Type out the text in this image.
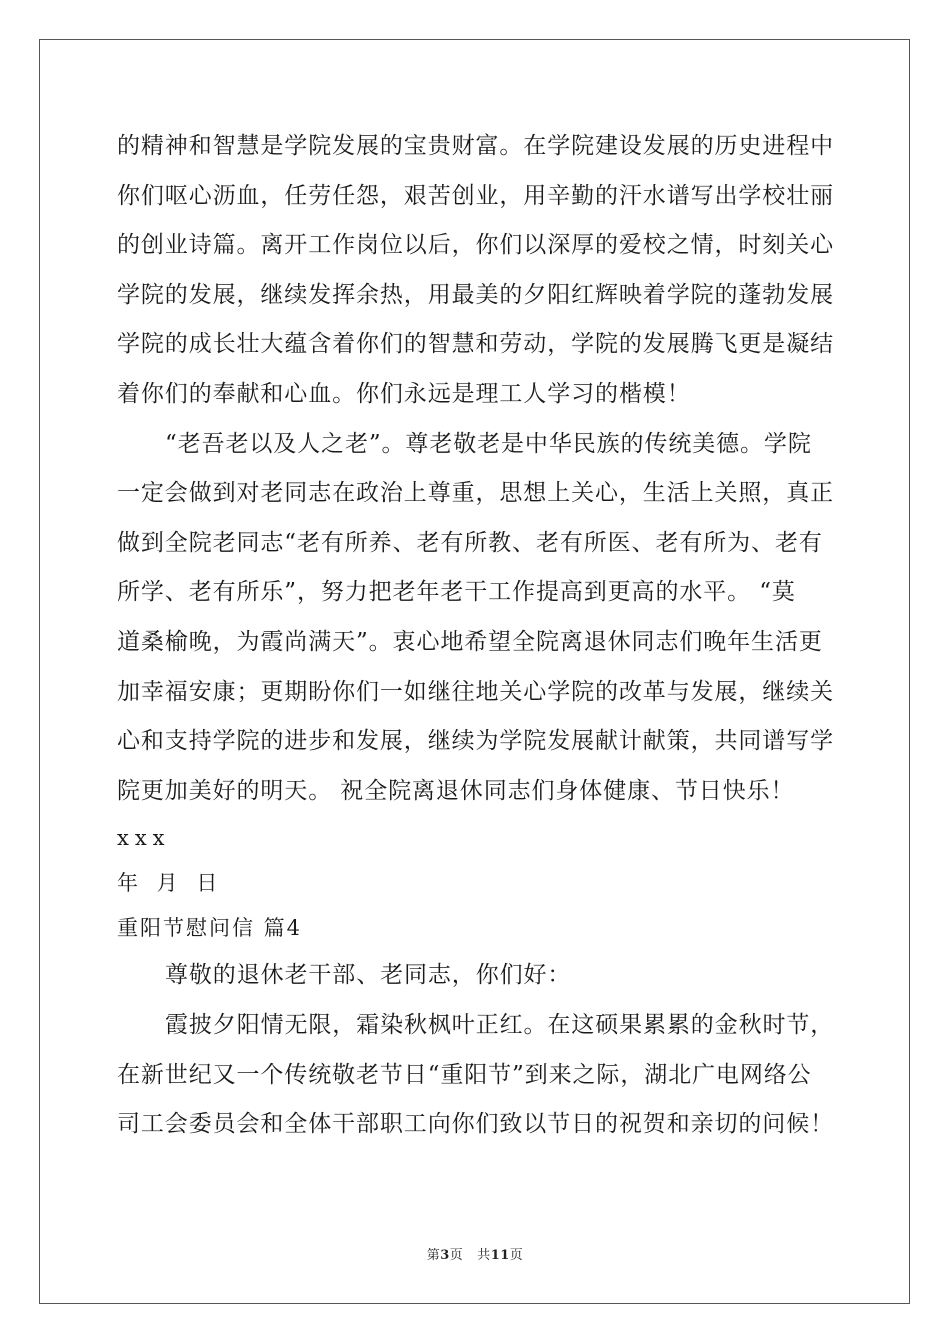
的精神和智慧是学院发展的宝贵财富。在学院建设发展的历史进程中
你们呕心沥血，任劳任怨，艰苦创业，用辛勤的汗水谱写出学校壮丽
的创业诗篇。离开工作岗位以后，你们以深厚的爱校之情，时刻关心
学院的发展，继续发挥余热，用最美的夕阳红辉映着学院的蓬勃发展
学院的成长壮大蕴含着你们的智慧和劳动，学院的发展腾飞更是凝结
着你们的奉献和心血。你们永远是理工人学习的楷模！
“老吾老以及人之老”。尊老敬老是中华民族的传统美德。学院
一定会做到对老同志在政治上尊重，思想上关心，生活上关照，真正
做到全院老同志“老有所养、老有所教、老有所医、老有所为、老有
所学、老有所乐”，努力把老年老干工作提高到更高的水平。 “莫
道桑榆晚，为霞尚满天”。衷心地希望全院离退休同志们晚年生活更
加幸福安康；更期盼你们一如继往地关心学院的改革与发展，继续关
心和支持学院的进步和发展，继续为学院发展献计献策，共同谱写学
院更加美好的明天。 祝全院离退休同志们身体健康、节日快乐！
xxx
年 月 日
重阳节慰问信 篇4
尊敬的退休老干部、老同志，你们好：
霞披夕阳情无限，霜染秋枫叶正红。在这硕果累累的金秋时节，
在新世纪又一个传统敬老节日“重阳节”到来之际，湖北广电网络公
司工会委员会和全体干部职工向你们致以节日的祝贺和亲切的问候！
第3页 共11页
